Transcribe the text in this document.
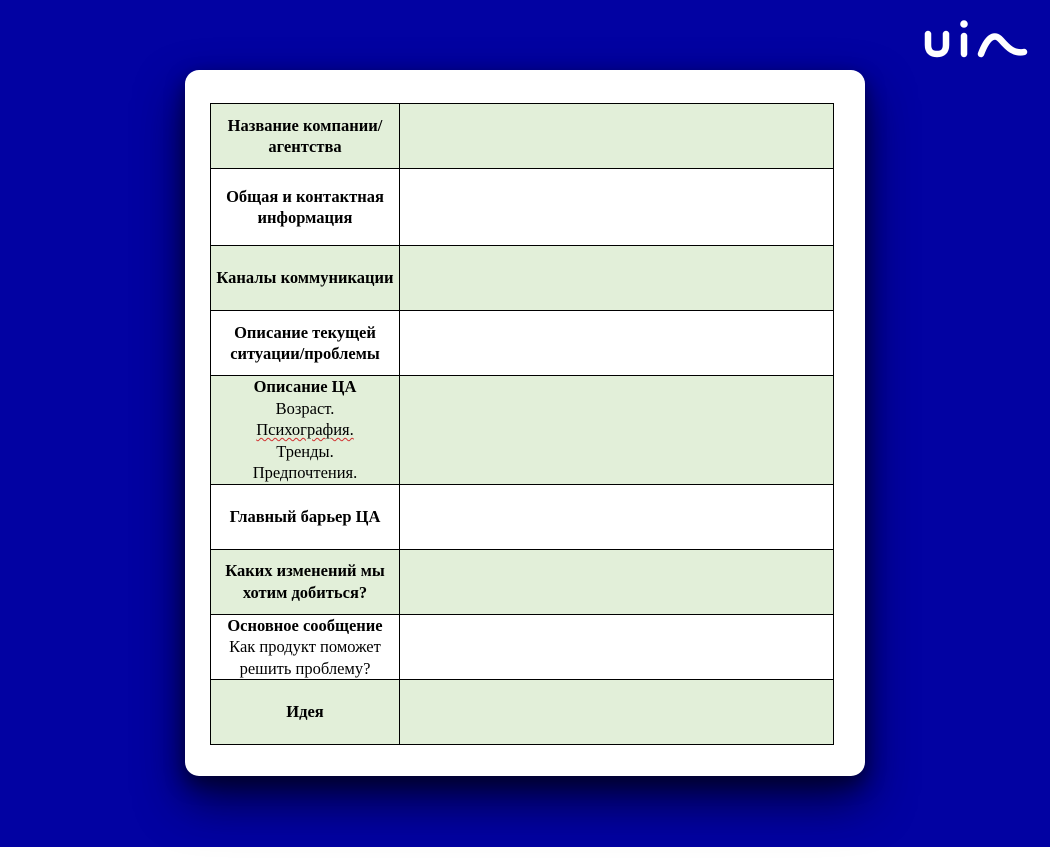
Название компании/ агентства	

Общая и контактная информация	

Каналы коммуникации	

Описание текущей ситуации/проблемы	

Описание ЦА
Возраст.
Психография.
Тренды.
Предпочтения.	

Главный барьер ЦА	

Каких изменений мы хотим добиться?	

Основное сообщение
Как продукт поможет решить проблему?	

Идея	
